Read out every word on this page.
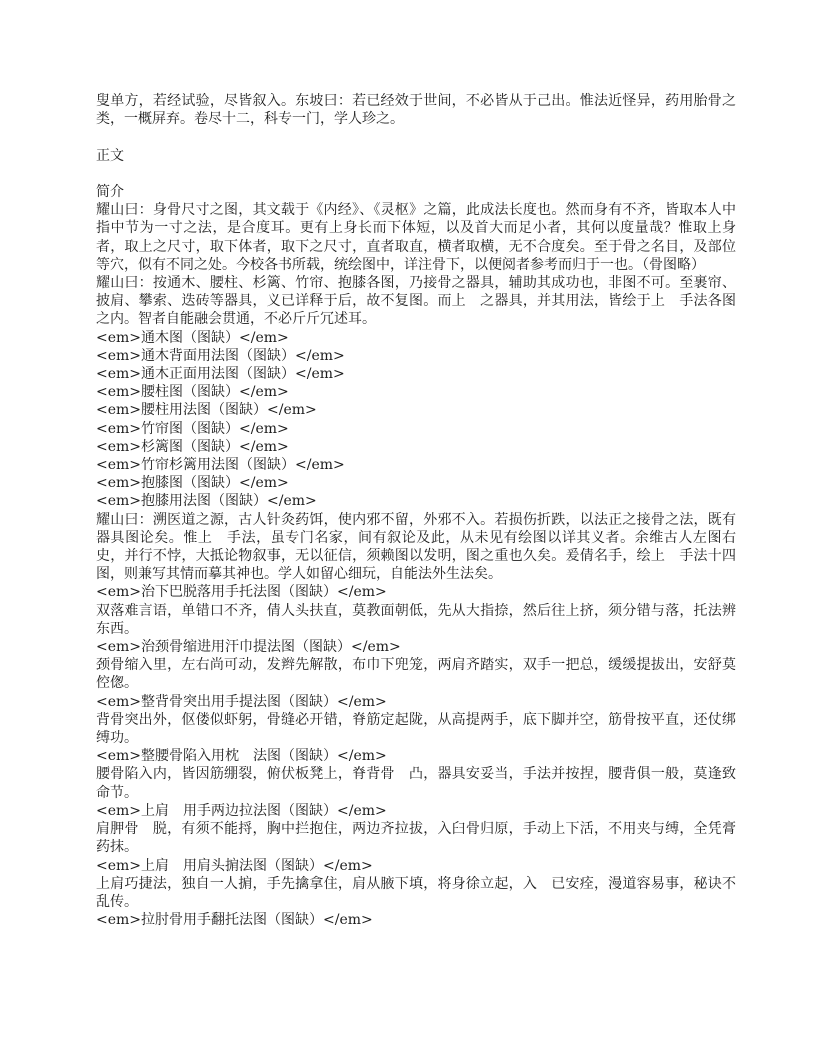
叟单方，若经试验，尽皆叙入。东坡曰：若已经效于世间，不必皆从于己出。惟法近怪异，药用胎骨之类，一概屏弃。卷尽十二，科专一门，学人珍之。

正文

简介

耀山曰：身骨尺寸之图，其文载于《内经》、《灵枢》之篇，此成法长度也。然而身有不齐，皆取本人中指中节为一寸之法，是合度耳。更有上身长而下体短，以及首大而足小者，其何以度量哉？惟取上身者，取上之尺寸，取下体者，取下之尺寸，直者取直，横者取横，无不合度矣。至于骨之名目，及部位等穴，似有不同之处。今校各书所载，统绘图中，详注骨下，以便阅者参考而归于一也。（骨图略）

耀山曰：按通木、腰柱、杉篱、竹帘、抱膝各图，乃接骨之器具，辅助其成功也，非图不可。至裹帘、披肩、攀索、迭砖等器具，义已详释于后，故不复图。而上　之器具，并其用法，皆绘于上　手法各图之内。智者自能融会贯通，不必斤斤冗述耳。

<em>通木图（图缺）</em>

<em>通木背面用法图（图缺）</em>

<em>通木正面用法图（图缺）</em>

<em>腰柱图（图缺）</em>

<em>腰柱用法图（图缺）</em>

<em>竹帘图（图缺）</em>

<em>杉篱图（图缺）</em>

<em>竹帘杉篱用法图（图缺）</em>

<em>抱膝图（图缺）</em>

<em>抱膝用法图（图缺）</em>

耀山曰：溯医道之源，古人针灸药饵，使内邪不留，外邪不入。若损伤折跌，以法正之接骨之法，既有器具图论矣。惟上　手法，虽专门名家，间有叙论及此，从未见有绘图以详其义者。余维古人左图右史，并行不悖，大抵论物叙事，无以征信，须赖图以发明，图之重也久矣。爰倩名手，绘上　手法十四图，则兼写其情而摹其神也。学人如留心细玩，自能法外生法矣。

<em>治下巴脱落用手托法图（图缺）</em>

双落难言语，单错口不齐，倩人头扶直，莫教面朝低，先从大指捺，然后往上挤，须分错与落，托法辨东西。

<em>治颈骨缩进用汗巾提法图（图缺）</em>

颈骨缩入里，左右尚可动，发辫先解散，布巾下兜笼，两肩齐踏实，双手一把总，缓缓提拔出，安舒莫倥偬。

<em>整背骨突出用手提法图（图缺）</em>

背骨突出外，伛偻似虾躬，骨缝必开错，脊筋定起陇，从高提两手，底下脚并空，筋骨按平直，还仗绑缚功。

<em>整腰骨陷入用枕　法图（图缺）</em>

腰骨陷入内，皆因筋绷裂，俯伏板凳上，脊背骨　凸，器具安妥当，手法并按捏，腰背俱一般，莫逢致命节。

<em>上肩　用手两边拉法图（图缺）</em>

肩胛骨　脱，有须不能捋，胸中拦抱住，两边齐拉拔，入臼骨归原，手动上下活，不用夹与缚，全凭膏药抹。

<em>上肩　用肩头掮法图（图缺）</em>

上肩巧捷法，独自一人掮，手先擒拿住，肩从腋下填，将身徐立起，入　已安痊，漫道容易事，秘诀不乱传。

<em>拉肘骨用手翻托法图（图缺）</em>
